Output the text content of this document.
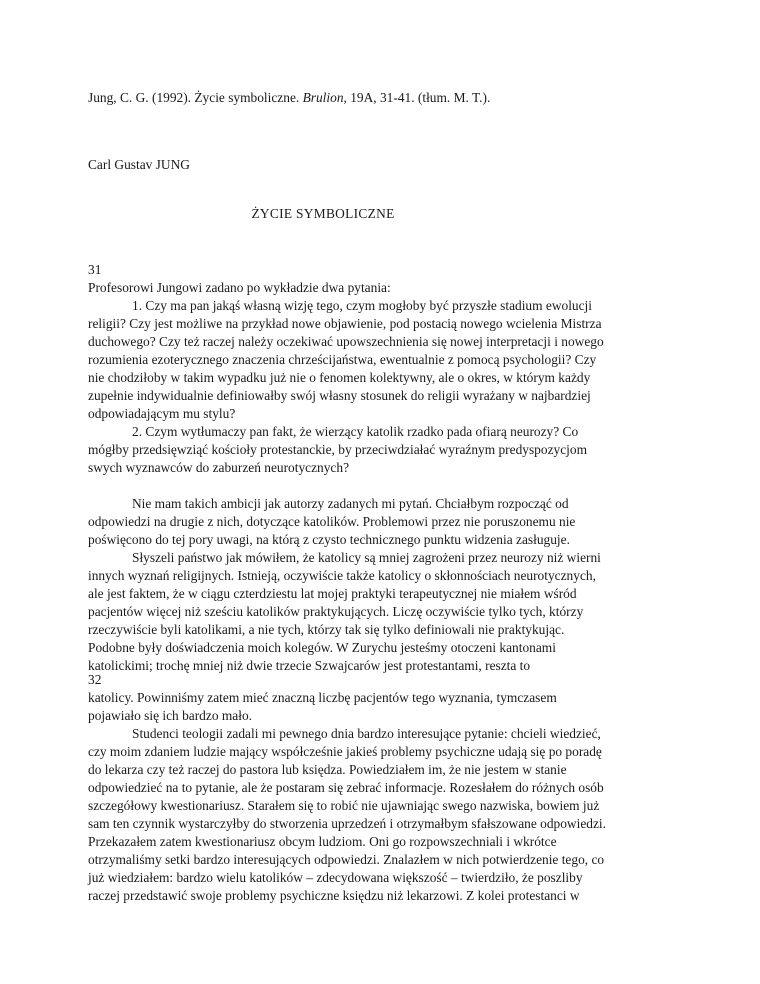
Jung, C. G. (1992). Życie symboliczne. Brulion, 19A, 31-41. (tłum. M. T.).
Carl Gustav JUNG
ŻYCIE SYMBOLICZNE
31
Profesorowi Jungowi zadano po wykładzie dwa pytania:
1. Czy ma pan jakąś własną wizję tego, czym mogłoby być przyszłe stadium ewolucji
religii? Czy jest możliwe na przykład nowe objawienie, pod postacią nowego wcielenia Mistrza
duchowego? Czy też raczej należy oczekiwać upowszechnienia się nowej interpretacji i nowego
rozumienia ezoterycznego znaczenia chrześcijaństwa, ewentualnie z pomocą psychologii? Czy
nie chodziłoby w takim wypadku już nie o fenomen kolektywny, ale o okres, w którym każdy
zupełnie indywidualnie definiowałby swój własny stosunek do religii wyrażany w najbardziej
odpowiadającym mu stylu?
2. Czym wytłumaczy pan fakt, że wierzący katolik rzadko pada ofiarą neurozy? Co
mógłby przedsięwziąć kościoły protestanckie, by przeciwdziałać wyraźnym predyspozycjom
swych wyznawców do zaburzeń neurotycznych?
Nie mam takich ambicji jak autorzy zadanych mi pytań. Chciałbym rozpocząć od
odpowiedzi na drugie z nich, dotyczące katolików. Problemowi przez nie poruszonemu nie
poświęcono do tej pory uwagi, na którą z czysto technicznego punktu widzenia zasługuje.
Słyszeli państwo jak mówiłem, że katolicy są mniej zagrożeni przez neurozy niż wierni
innych wyznań religijnych. Istnieją, oczywiście także katolicy o skłonnościach neurotycznych,
ale jest faktem, że w ciągu czterdziestu lat mojej praktyki terapeutycznej nie miałem wśród
pacjentów więcej niż sześciu katolików praktykujących. Liczę oczywiście tylko tych, którzy
rzeczywiście byli katolikami, a nie tych, którzy tak się tylko definiowali nie praktykując.
Podobne były doświadczenia moich kolegów. W Zurychu jesteśmy otoczeni kantonami
katolickimi; trochę mniej niż dwie trzecie Szwajcarów jest protestantami, reszta to
32
katolicy. Powinniśmy zatem mieć znaczną liczbę pacjentów tego wyznania, tymczasem
pojawiało się ich bardzo mało.
Studenci teologii zadali mi pewnego dnia bardzo interesujące pytanie: chcieli wiedzieć,
czy moim zdaniem ludzie mający współcześnie jakieś problemy psychiczne udają się po poradę
do lekarza czy też raczej do pastora lub księdza. Powiedziałem im, że nie jestem w stanie
odpowiedzieć na to pytanie, ale że postaram się zebrać informacje. Rozesłałem do różnych osób
szczegółowy kwestionariusz. Starałem się to robić nie ujawniając swego nazwiska, bowiem już
sam ten czynnik wystarczyłby do stworzenia uprzedzeń i otrzymałbym sfałszowane odpowiedzi.
Przekazałem zatem kwestionariusz obcym ludziom. Oni go rozpowszechniali i wkrótce
otrzymaliśmy setki bardzo interesujących odpowiedzi. Znalazłem w nich potwierdzenie tego, co
już wiedziałem: bardzo wielu katolików – zdecydowana większość – twierdziło, że poszliby
raczej przedstawić swoje problemy psychiczne księdzu niż lekarzowi. Z kolei protestanci w
